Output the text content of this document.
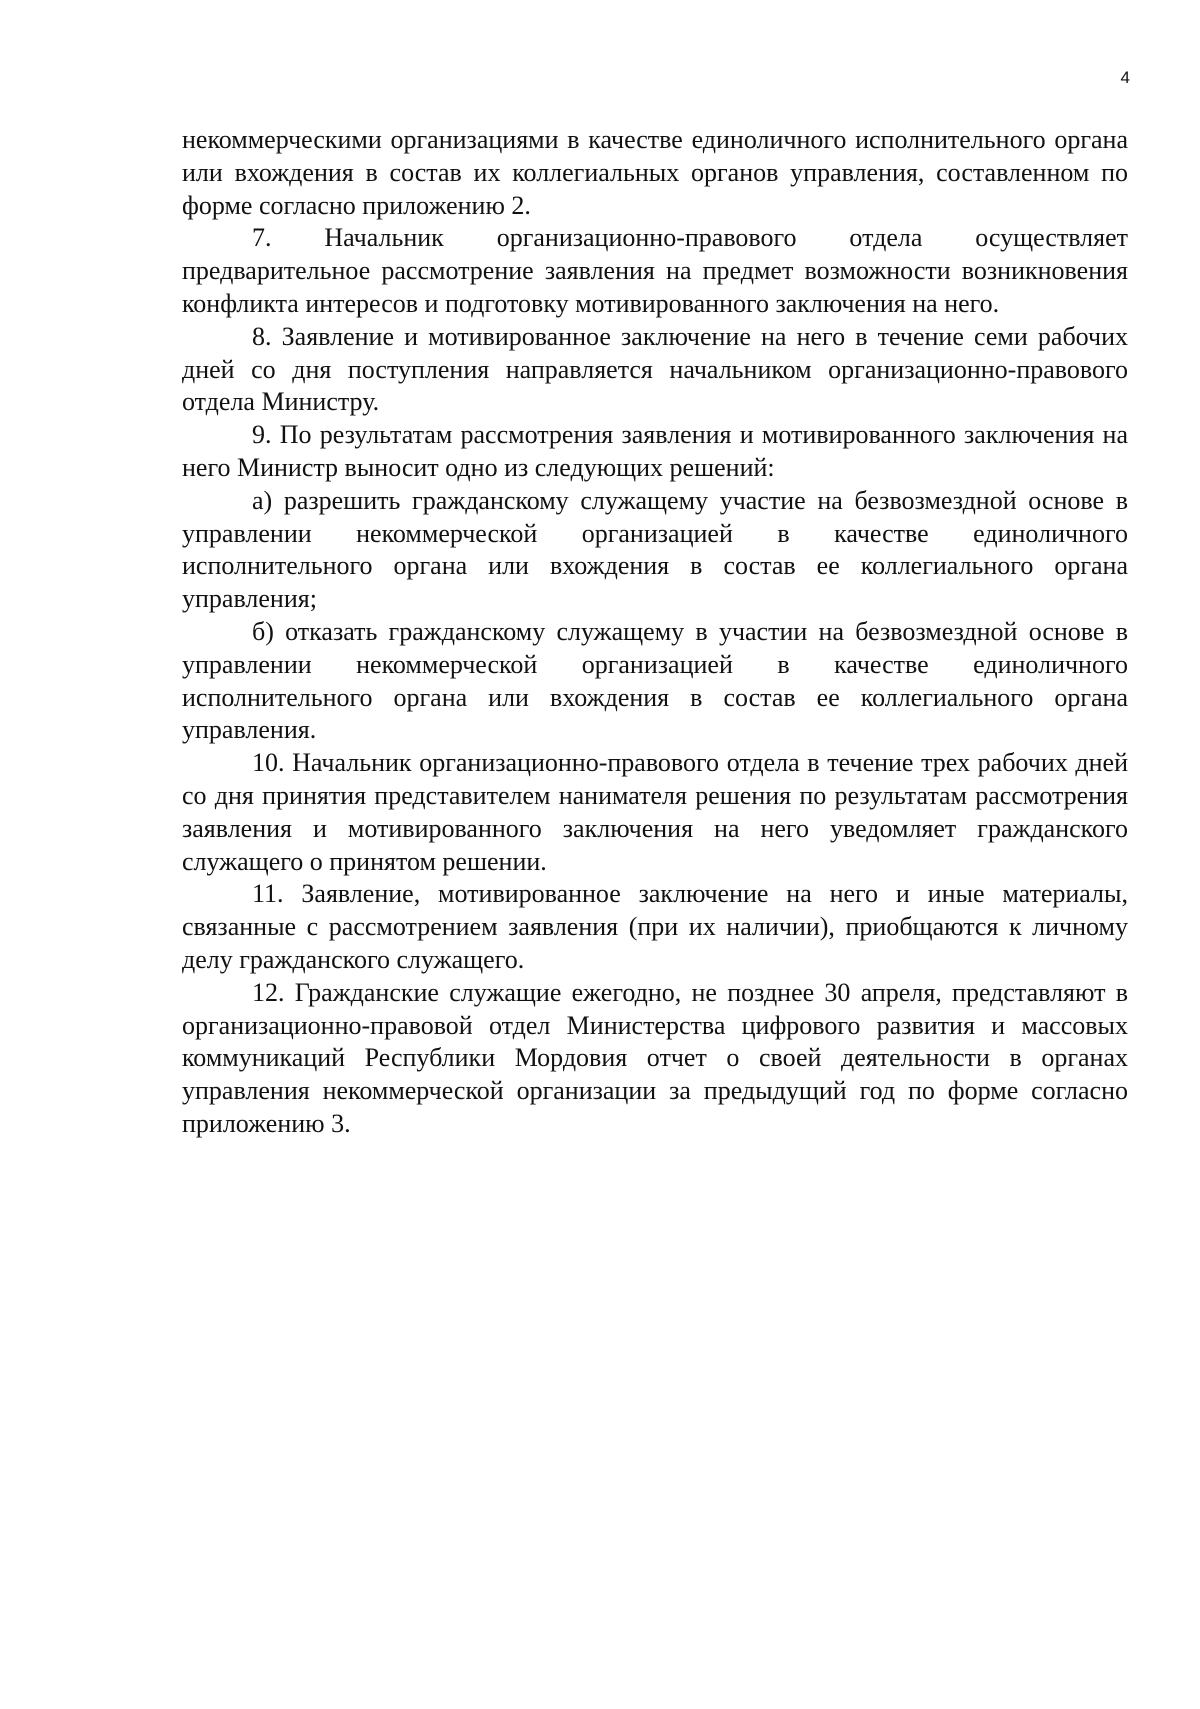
4

некоммерческими организациями в качестве единоличного исполнительного органа или вхождения в состав их коллегиальных органов управления, составленном по форме согласно приложению 2.

7. Начальник организационно-правового отдела осуществляет предварительное рассмотрение заявления на предмет возможности возникновения конфликта интересов и подготовку мотивированного заключения на него.

8. Заявление и мотивированное заключение на него в течение семи рабочих дней со дня поступления направляется начальником организационно-правового отдела Министру.

9. По результатам рассмотрения заявления и мотивированного заключения на него Министр выносит одно из следующих решений:

а) разрешить гражданскому служащему участие на безвозмездной основе в управлении некоммерческой организацией в качестве единоличного исполнительного органа или вхождения в состав ее коллегиального органа управления;

б) отказать гражданскому служащему в участии на безвозмездной основе в управлении некоммерческой организацией в качестве единоличного исполнительного органа или вхождения в состав ее коллегиального органа управления.

10. Начальник организационно-правового отдела в течение трех рабочих дней со дня принятия представителем нанимателя решения по результатам рассмотрения заявления и мотивированного заключения на него уведомляет гражданского служащего о принятом решении.

11. Заявление, мотивированное заключение на него и иные материалы, связанные с рассмотрением заявления (при их наличии), приобщаются к личному делу гражданского служащего.

12. Гражданские служащие ежегодно, не позднее 30 апреля, представляют в организационно-правовой отдел Министерства цифрового развития и массовых коммуникаций Республики Мордовия отчет о своей деятельности в органах управления некоммерческой организации за предыдущий год по форме согласно приложению 3.
